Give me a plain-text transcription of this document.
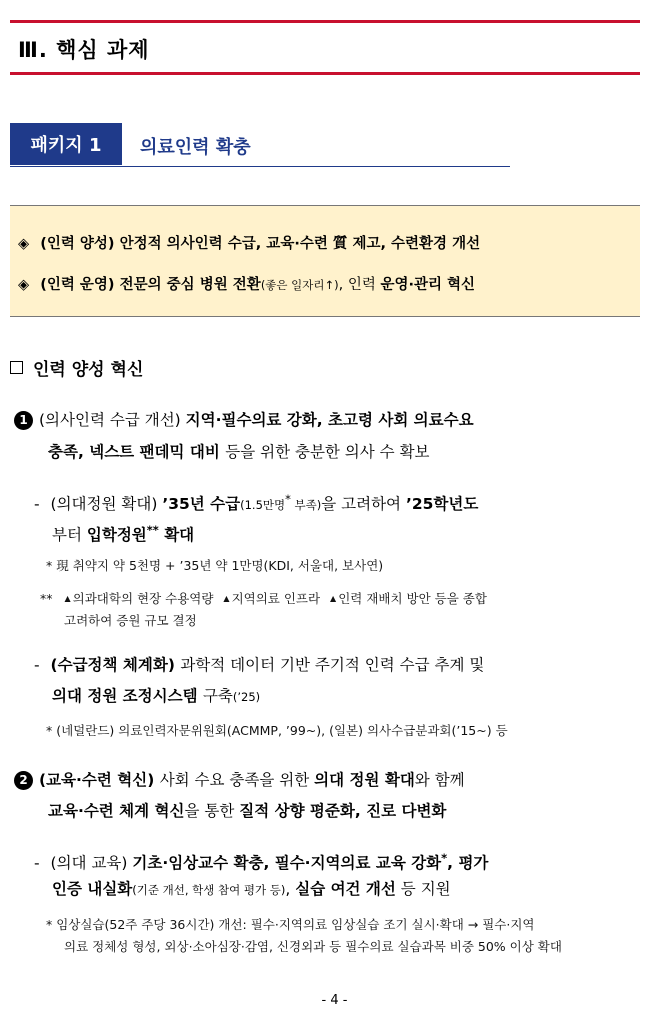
Ⅲ. 핵심 과제
패키지 1	의료인력 확충
◈ (인력 양성) 안정적 의사인력 수급, 교육·수련 質 제고, 수련환경 개선
◈ (인력 운영) 전문의 중심 병원 전환(좋은 일자리↑), 인력 운영·관리 혁신
인력 양성 혁신
1 (의사인력 수급 개선) 지역·필수의료 강화, 초고령 사회 의료수요
충족, 넥스트 팬데믹 대비 등을 위한 충분한 의사 수 확보
- (의대정원 확대) ’35년 수급(1.5만명* 부족)을 고려하여 ’25학년도
부터 입학정원** 확대
* 現 취약지 약 5천명 + ’35년 약 1만명(KDI, 서울대, 보사연)
** ▲ 의과대학의 현장 수용역량 ▲ 지역의료 인프라 ▲ 인력 재배치 방안 등을 종합
고려하여 증원 규모 결정
- (수급정책 체계화) 과학적 데이터 기반 주기적 인력 수급 추계 및
의대 정원 조정시스템 구축(’25)
* (네덜란드) 의료인력자문위원회(ACMMP, ’99~), (일본) 의사수급분과회(’15~) 등
2 (교육·수련 혁신) 사회 수요 충족을 위한 의대 정원 확대와 함께
교육·수련 체계 혁신을 통한 질적 상향 평준화, 진로 다변화
- (의대 교육) 기초·임상교수 확충, 필수·지역의료 교육 강화*, 평가
인증 내실화(기준 개선, 학생 참여 평가 등), 실습 여건 개선 등 지원
* 임상실습(52주 주당 36시간) 개선: 필수·지역의료 임상실습 조기 실시·확대 → 필수·지역
의료 정체성 형성, 외상·소아심장·감염, 신경외과 등 필수의료 실습과목 비중 50% 이상 확대
- 4 -
